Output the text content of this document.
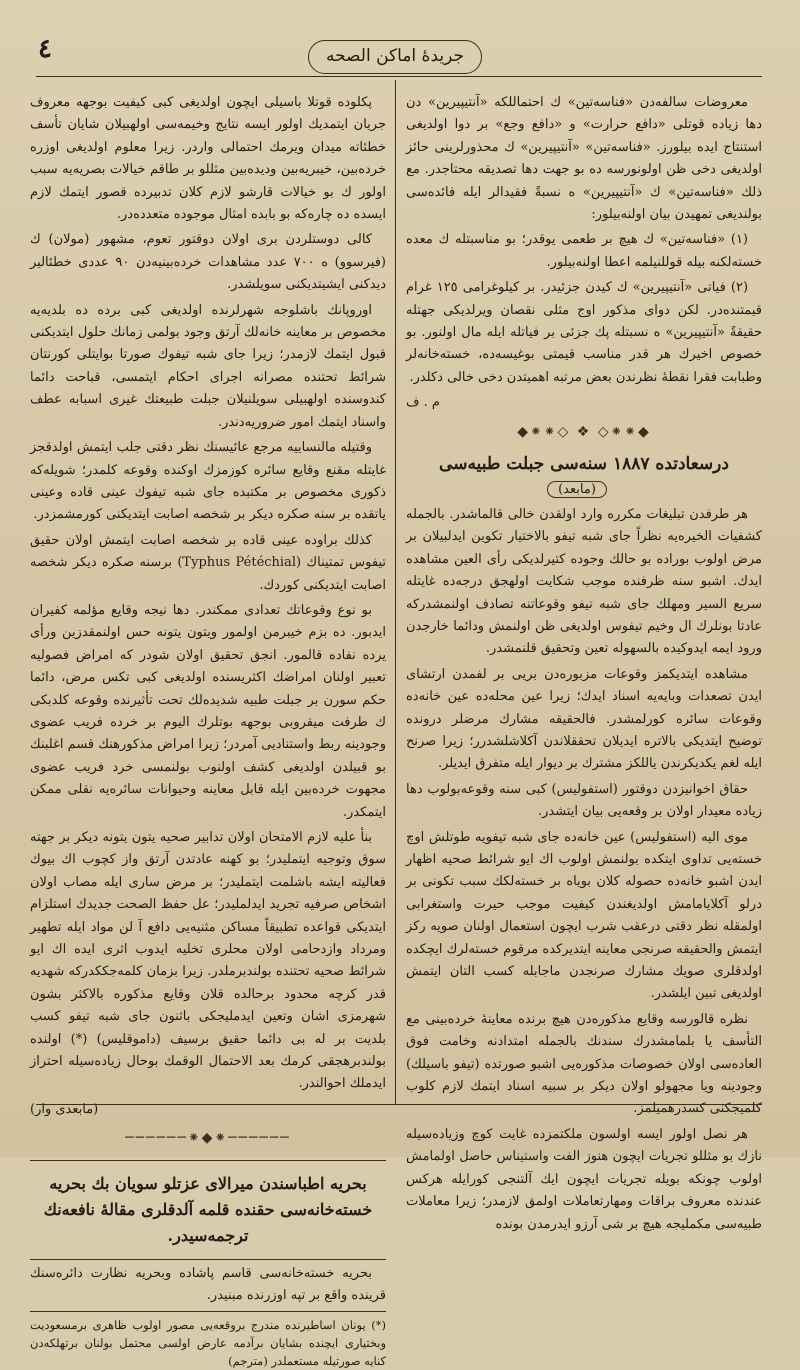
٤	جريدهٔ اماكن الصحه

معروضات سالفه‌دن «فناسه‌تين» ك احتماللكه «آنتيپيرين» دن دها زياده قوتلى «دافع حرارت» و «دافع وجع» بر دوا اولديغى استنتاج ايده بيلورز. «فناسه‌تين» «آنتيپيرين» ك محذورلرينى حائز اولديغى دخى ظن اولونورسه ده بو جهت دها تصديقه محتاجدر. مع ذلك «فناسه‌تين» ك «آنتيپيرين» ه نسبةً فقيدالر ايله فائده‌سى بولنديغى تمهيدن بيان اولنه‌بيلور:

(١) «فناسه‌تين» ك هيچ بر طعمى يوقدر؛ بو مناسبتله ك معده خسته‌لكنه بيله قوللنيلمه اعطا اولنه‌بيلور.

(٢) فياتى «آنتيپيرين» ك كيدن جزئيدر. بر كيلوغرامى ١٢٥ غرام قيمتنده‌در. لكن دواى مذكور اوج مثلى نقصان ويرلديكى جهتله حقيقةً «آنتيپيرين» ه نسبتله پك جزئى بر فياتله ايله مال اولنور. بو خصوص اخيرك هر قدر مناسب قيمتى بوغيسه‌ده، خسته‌خانه‌لر وطبابت فقرا نقطهٔ نظرندن بعض مرتبه اهميتدن دخى خالى دكلدر.

م . ف

◆⁕⁕◇ ❖ ◇⁕⁕◆

درسعادتده ١٨٨٧ سنه‌سى جبلت طبيه‌سى

(مابعد)

هر طرفدن تبليغات مكرره وارد اولقدن خالى قالماشدر. بالجمله كشفيات الخيره‌يه نظراً جاى شبه تيفو بالاختيار تكوين ايدلبيلان بر مرض اولوب بوراده بو حالك وجوده كتيرلديكى رأى العين مشاهده ايدك. اشبو سنه ظرفنده موجب شكايت اولهجق درجه‌ده غايتله سريع السير ومهلك جاى شبه تيفو وقوعاتنه تصادف اولنمشدركه عادتا بونلرك ال وخيم تيفوس اولديغى ظن اولنمش ودائما خارجدن ورود ايمه ايدوكيده بالسهوله تعين وتحقيق قلنمشدر.

مشاهده ايتديكمز وقوعات مزبوره‌دن بريى بر لفمدن ارتشاى ايدن تصعدات وبايه‌يه اسناد ايدك؛ زيرا عين محله‌ده عين خانه‌ده وقوعات سائره كورلمشدر. فالحقيقه مشارك مرضلر درونده توضيح ايتديكى بالاتره ايديلان تحققلاندن آكلاشلشدرر؛ زيرا صرنح ايله لغم يكديكرندن ياللكز مشترك بر ديوار ايله متفرق ايديلر.

حقاق اخوانيزدن دوقتور (استفوليس) كبى سنه وقوعه‌بولوب دها زياده معيدار اولان بر وقعه‌يى بيان ايتشدر.

موى اليه (استفوليس) عين خانه‌ده جاى شبه تيفويه طوتلش اوچ خسته‌يى تداوى ايتكده بولنمش اولوب اك ايو شرائط صحيه اظهار ايدن اشبو خانه‌ده حصوله كلان بوياه بر خسته‌لكك سبب تكونى بر درلو آكلايامامش اولديغندن كيفيت موجب حيرت واستغرابى اولمقله نظر دقتى درعقب شرب ايچون استعمال اولنان صويه ركز ايتمش والحقيقه صرنجى معاينه ايتديركده مرقوم خسته‌لرك ايچكده اولدقلرى صويك مشارك صرنجدن ماجابله كسب التان ايتمش اولديغى تبين ايلشدر.

نظره قالورسه وقايع مذكوره‌دن هيچ برنده معاينهٔ خرده‌بينى مع التأسف يا بلمامشدرك سندنك بالجمله امتدادنه وخامت فوق العاده‌سى اولان خصوصات مذكوره‌يى اشبو صورتده (تيفو باسيلك) وجودينه ويا مجهولو اولان ديكر بر سبيه اسناد ايتمك لازم كلوب كلميجكنى كسدرهميلمز.

هر نصل اولور ايسه اولسون ملكتمزده غايت كوچ وزياده‌سيله نازك بو مثللو تجريات ايچون هنوز الفت واستيناس حاصل اولمامش اولوب چونكه بويله تجريات ايچون ايك آلتنجى كورايله هركس عندنده معروف براقات ومهارتعاملات اولمق لازمدر؛ زيرا معاملات طبيه‌سى مكمليجه هيچ بر شى آرزو ايدرمدن بونده

پكلوده قوتلا باسيلى ايچون اولديغى كبى كيفيت بوجهه معروف جريان ايتمديك اولور ايسه نتايج وخيمه‌سى اولهبيلان شايان تأسف خطئاته ميدان ويرمك احتمالى واردر. زيرا معلوم اولديغى اوزره خرده‌بين، خيبريه‌بين وديده‌بين مثللو بر طاقم خيالات بصريه‌يه سبب اولور ك بو خيالات قارشو لازم كلان تدبيرده قصور ايتمك لازم ايسده ده چاره‌كه بو بابده امثال موجوده متعدده‌در.

كالى دوستلردن برى اولان دوقتور تعوم، مشهور (مولان) ك (فيرسوو) ه ٧٠٠ عدد مشاهدات خرده‌بينيه‌دن ٩٠ عددى خطئالير ديدكنى ايشيتديكنى سويلشدر.

اوروپانك باشلوجه شهرلرنده اولديغى كبى برده ده بلديه‌يه مخصوص بر معاينه خانه‌لك آرتق وجود بولمى زمانك حلول ايتديكنى قبول ايتمك لازمدر؛ زيرا جاى شبه تيفوك صورتا بوايتلى كورنتان شرائط تحتنده مصرانه اجراى احكام ايتمسى، قباحت دائما كندوسنده اولهبيلى سويلنيلان جبلت طبيعتك غيرى اسبابه عطف واسناد ايتمك امور ضروريه‌دندر.

وقتيله مالنساييه مرجع عائيسنك نظر دقتى جلب ايتمش اولدقجز غايتله مقنع وقايع سائره كوزمزك اوكنده وقوعه كلمدر؛ شويله‌كه ذكورى مخصوص بر مكتبده جاى شبه تيفوك عينى قاده وعينى ياتقده بر سنه صكره ديكر بر شخصه اصابت ايتديكنى كورمشمزدر.

كذلك براوده عينى قاده بر شخصه اصابت ايتمش اولان حقيق تيفوس تمتيناك (Typhus Pétéchial) برسنه صكره ديكر شخصه اصابت ايتديكنى كوردك.

بو نوع وقوعاتك تعدادى ممكندر. دها نيجه وقايع مؤلمه كفيران ايدبور. ده بزم خيبرمن اولمور ويتون يتونه حس اولنمقدزين ورأى يرده نفاده قالمور. انجق تحقيق اولان شودر كه امراض فصوليه تعبير اولنان امراضك اكثريسنده اولديغى كبى تكس مرض، دائما حكم سورن بر جبلت طبيه شديده‌لك تحت تأثيرنده وقوعه كلدبكى ك طرفت ميقروبى بوجهه بوتلرك اليوم بر خرده فريب عضوى وجودينه ربط واستناديى آمردر؛ زيرا امراض مذكورهنك قسم اغلبنك بو قبيلدن اولديغى كشف اولنوب بولنمسى خرد فريب عضوى مجهوت خرده‌بين ايله قابل معاينه وحيوانات سائره‌يه نقلى ممكن ايتمكدر.

بنأ عليه لازم الامتحان اولان تدابير صحيه يتون يتونه ديكر بر جهته سوق وتوجيه ايتمليدر؛ بو كهنه عادتدن آرتق واز كچوب اك بيوك فعاليته ايشه باشلمت ايتمليدر؛ بر مرض سارى ايله مصاب اولان اشخاص صرفيه تجريد ايدلمليدر؛ عل حفظ الصحت جديدك استلزام ايتديكى قواعده تطبيقاً مساكن مثنيه‌يى دافع آ لن مواد ايله تطهير ومرداد وازدحامى اولان محلرى تخليه ايدوب اثرى ايده اك ايو شرائط صحيه تحتنده بولندبرملدر. زيرا بزمان كلمه‌جككدركه شهديه قدر كرچه محدود برحالده قلان وقايع مذكوره بالاكثر بشون شهرمزى اشان وتعين ايدمليجكى باثنون جاى شبه تيفو كسب بلديت بر له بى دائما حقيق برسيف (داموقليس) (*) اولنده بولندبرهجقى كرمك بعد الاحتمال الوقمك بوحال زياده‌سيله احتراز ايدملك احوالندر.

(مابعدى وار)

──────⁕◆⁕──────

بحريه اطباسندن ميرالاى عزتلو سويان بك بحريه خسته‌خانه‌سى حقنده قلمه آلدقلرى مقالهٔ نافعه‌نك ترجمه‌سيدر.

بحريه خسته‌خانه‌سى قاسم پاشاده وبحريه نظارت دائره‌سنك قرينده واقع بر تپه اوزرنده مبنيدر.

(*) يونان اساطيرنده مندرج بروقعه‌يى مصور اولوب ظاهرى برمسعوديت وبختيارى ايچنده بشايان برآدمه عارض اولسى محتمل بولنان برتهلكه‌دن كنايه صورتيله مستعملدر (مترجم)
